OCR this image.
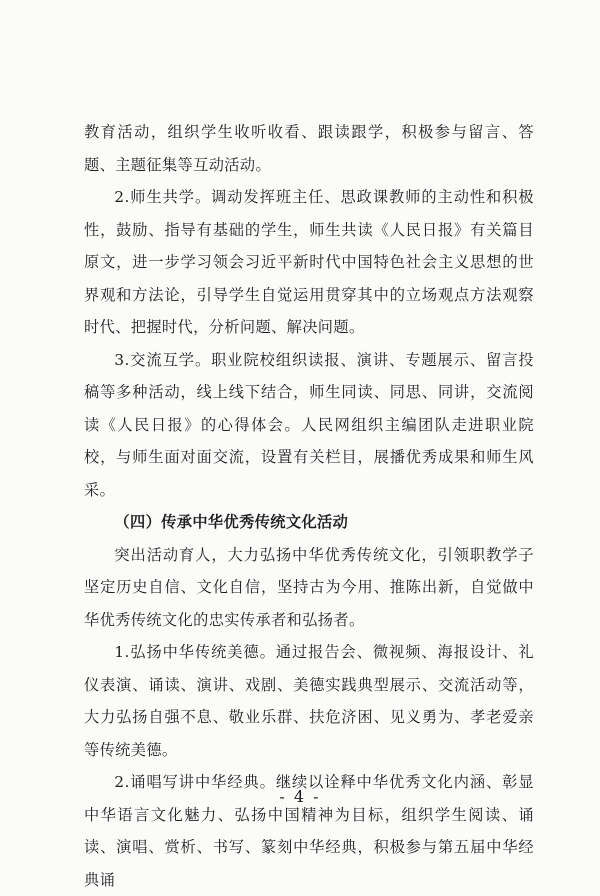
教育活动，组织学生收听收看、跟读跟学，积极参与留言、答题、主题征集等互动活动。

2.师生共学。调动发挥班主任、思政课教师的主动性和积极性，鼓励、指导有基础的学生，师生共读《人民日报》有关篇目原文，进一步学习领会习近平新时代中国特色社会主义思想的世界观和方法论，引导学生自觉运用贯穿其中的立场观点方法观察时代、把握时代，分析问题、解决问题。

3.交流互学。职业院校组织读报、演讲、专题展示、留言投稿等多种活动，线上线下结合，师生同读、同思、同讲，交流阅读《人民日报》的心得体会。人民网组织主编团队走进职业院校，与师生面对面交流，设置有关栏目，展播优秀成果和师生风采。

（四）传承中华优秀传统文化活动

突出活动育人，大力弘扬中华优秀传统文化，引领职教学子坚定历史自信、文化自信，坚持古为今用、推陈出新，自觉做中华优秀传统文化的忠实传承者和弘扬者。

1.弘扬中华传统美德。通过报告会、微视频、海报设计、礼仪表演、诵读、演讲、戏剧、美德实践典型展示、交流活动等，大力弘扬自强不息、敬业乐群、扶危济困、见义勇为、孝老爱亲等传统美德。

2.诵唱写讲中华经典。继续以诠释中华优秀文化内涵、彰显中华语言文化魅力、弘扬中国精神为目标，组织学生阅读、诵读、演唱、赏析、书写、篆刻中华经典，积极参与第五届中华经典诵

- 4 -
